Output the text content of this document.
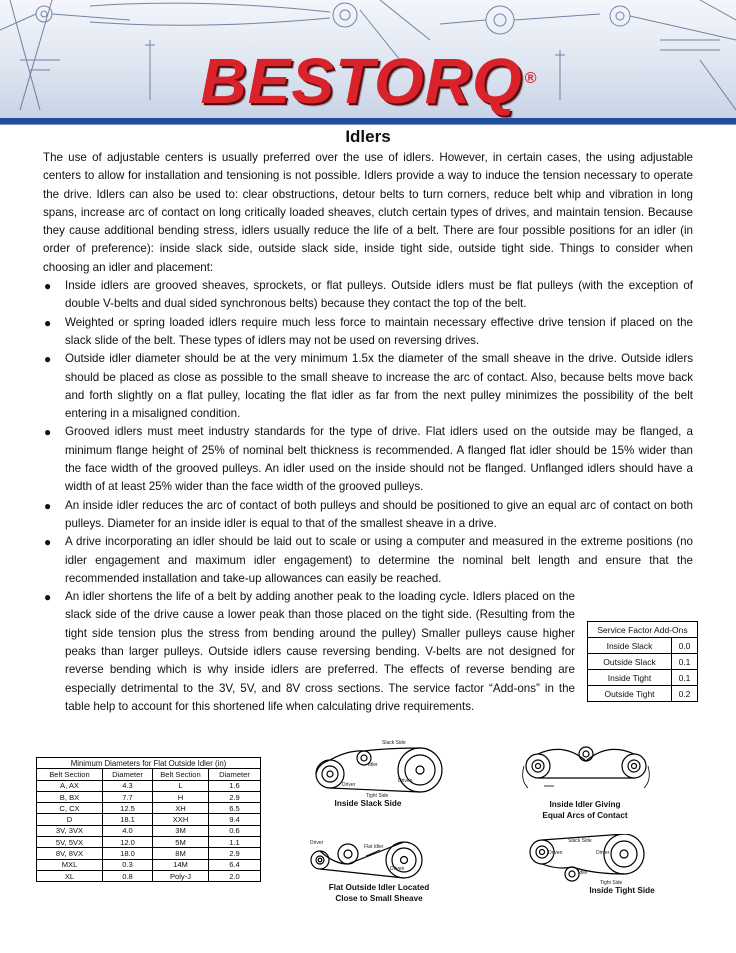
BESTORQ ®
Idlers

The use of adjustable centers is usually preferred over the use of idlers. However, in certain cases, the using adjustable centers to allow for installation and tensioning is not possible. Idlers provide a way to induce the tension necessary to operate the drive. Idlers can also be used to: clear obstructions, detour belts to turn corners, reduce belt whip and vibration in long spans, increase arc of contact on long critically loaded sheaves, clutch certain types of drives, and maintain tension. Because they cause additional bending stress, idlers usually reduce the life of a belt. There are four possible positions for an idler (in order of preference): inside slack side, outside slack side, inside tight side, outside tight side. Things to consider when choosing an idler and placement:

● Inside idlers are grooved sheaves, sprockets, or flat pulleys. Outside idlers must be flat pulleys (with the exception of double V-belts and dual sided synchronous belts) because they contact the top of the belt.
● Weighted or spring loaded idlers require much less force to maintain necessary effective drive tension if placed on the slack slide of the belt. These types of idlers may not be used on reversing drives.
● Outside idler diameter should be at the very minimum 1.5x the diameter of the small sheave in the drive. Outside idlers should be placed as close as possible to the small sheave to increase the arc of contact. Also, because belts move back and forth slightly on a flat pulley, locating the flat idler as far from the next pulley minimizes the possibility of the belt entering in a misaligned condition.
● Grooved idlers must meet industry standards for the type of drive. Flat idlers used on the outside may be flanged, a minimum flange height of 25% of nominal belt thickness is recommended. A flanged flat idler should be 15% wider than the face width of the grooved pulleys. An idler used on the inside should not be flanged. Unflanged idlers should have a width of at least 25% wider than the face width of the grooved pulleys.
● An inside idler reduces the arc of contact of both pulleys and should be positioned to give an equal arc of contact on both pulleys. Diameter for an inside idler is equal to that of the smallest sheave in a drive.
● A drive incorporating an idler should be laid out to scale or using a computer and measured in the extreme positions (no idler engagement and maximum idler engagement) to determine the nominal belt length and ensure that the recommended installation and take-up allowances can easily be reached.
● An idler shortens the life of a belt by adding another peak to the loading cycle. Idlers placed on the slack side of the drive cause a lower peak than those placed on the tight side. (Resulting from the tight side tension plus the stress from bending around the pulley) Smaller pulleys cause higher peaks than larger pulleys. Outside idlers cause reversing bending. V-belts are not designed for reverse bending which is why inside idlers are preferred. The effects of reverse bending are especially detrimental to the 3V, 5V, and 8V cross sections. The service factor “Add-ons” in the table help to account for this shortened life when calculating drive requirements.
Service Factor Add-Ons	
Inside Slack	0.0
Outside Slack	0.1
Inside Tight	0.1
Outside Tight	0.2
Minimum Diameters for Flat Outside Idler (in)			
Belt Section	Diameter	Belt Section	Diameter
A, AX	4.3	L	1.6
B, BX	7.7	H	2.9
C, CX	12.5	XH	6.5
D	18.1	XXH	9.4
3V, 3VX	4.0	3M	0.6
5V, 5VX	12.0	5M	1.1
8V, 8VX	18.0	8M	2.9
MXL	0.3	14M	6.4
XL	0.8	Poly-J	2.0
Slack Side
Idler
Driver
Driven
Tight Side
Inside Slack Side	Inside Idler Giving
Equal Arcs of Contact
Driver
Flat Idler
Driven
Flat Outside Idler Located
Close to Small Sheave
Slack Side
Driven	Driver
Idler
Tight Side
Inside Tight Side
